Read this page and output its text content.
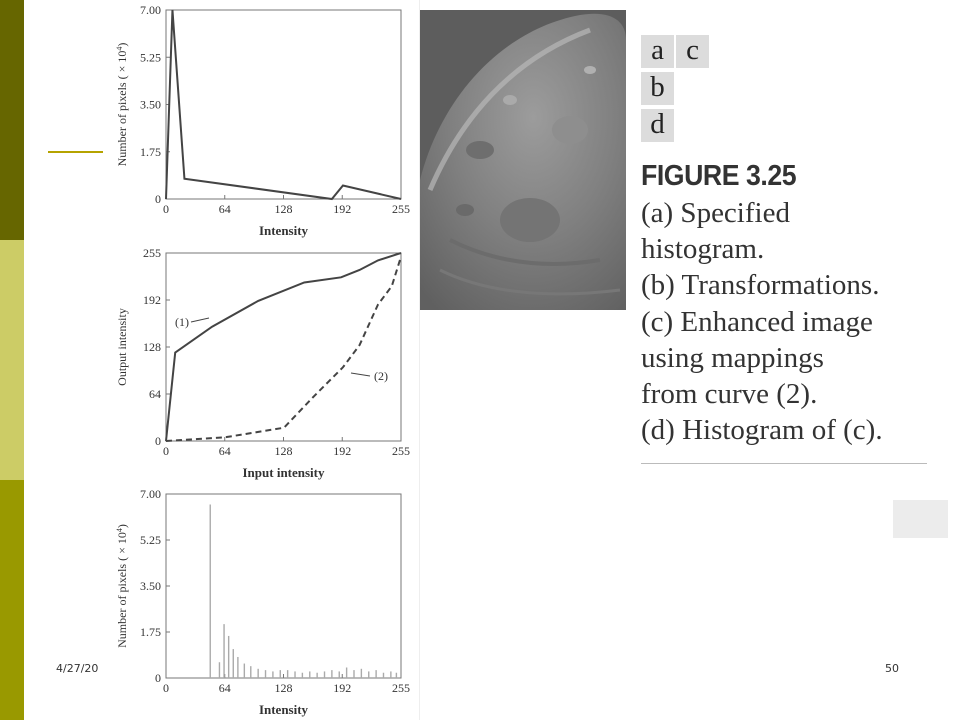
0	64	128	192	255
0
1.75
3.50
5.25
7.00
Intensity
Number of pixels ( × $10^4$)
0	64	128	192	255
0
64
128
192
255
Input intensity
Output intensity	(1)
(2)
0	64	128	192	255
0
1.75
3.50
5.25
7.00
Intensity
Number of pixels ( × $10^4$)
a c
b
d
FIGURE 3.25
(a) Specified
histogram.
(b) Transformations.
(c) Enhanced image
using mappings
from curve (2).
(d) Histogram of (c).
4/27/20	50
